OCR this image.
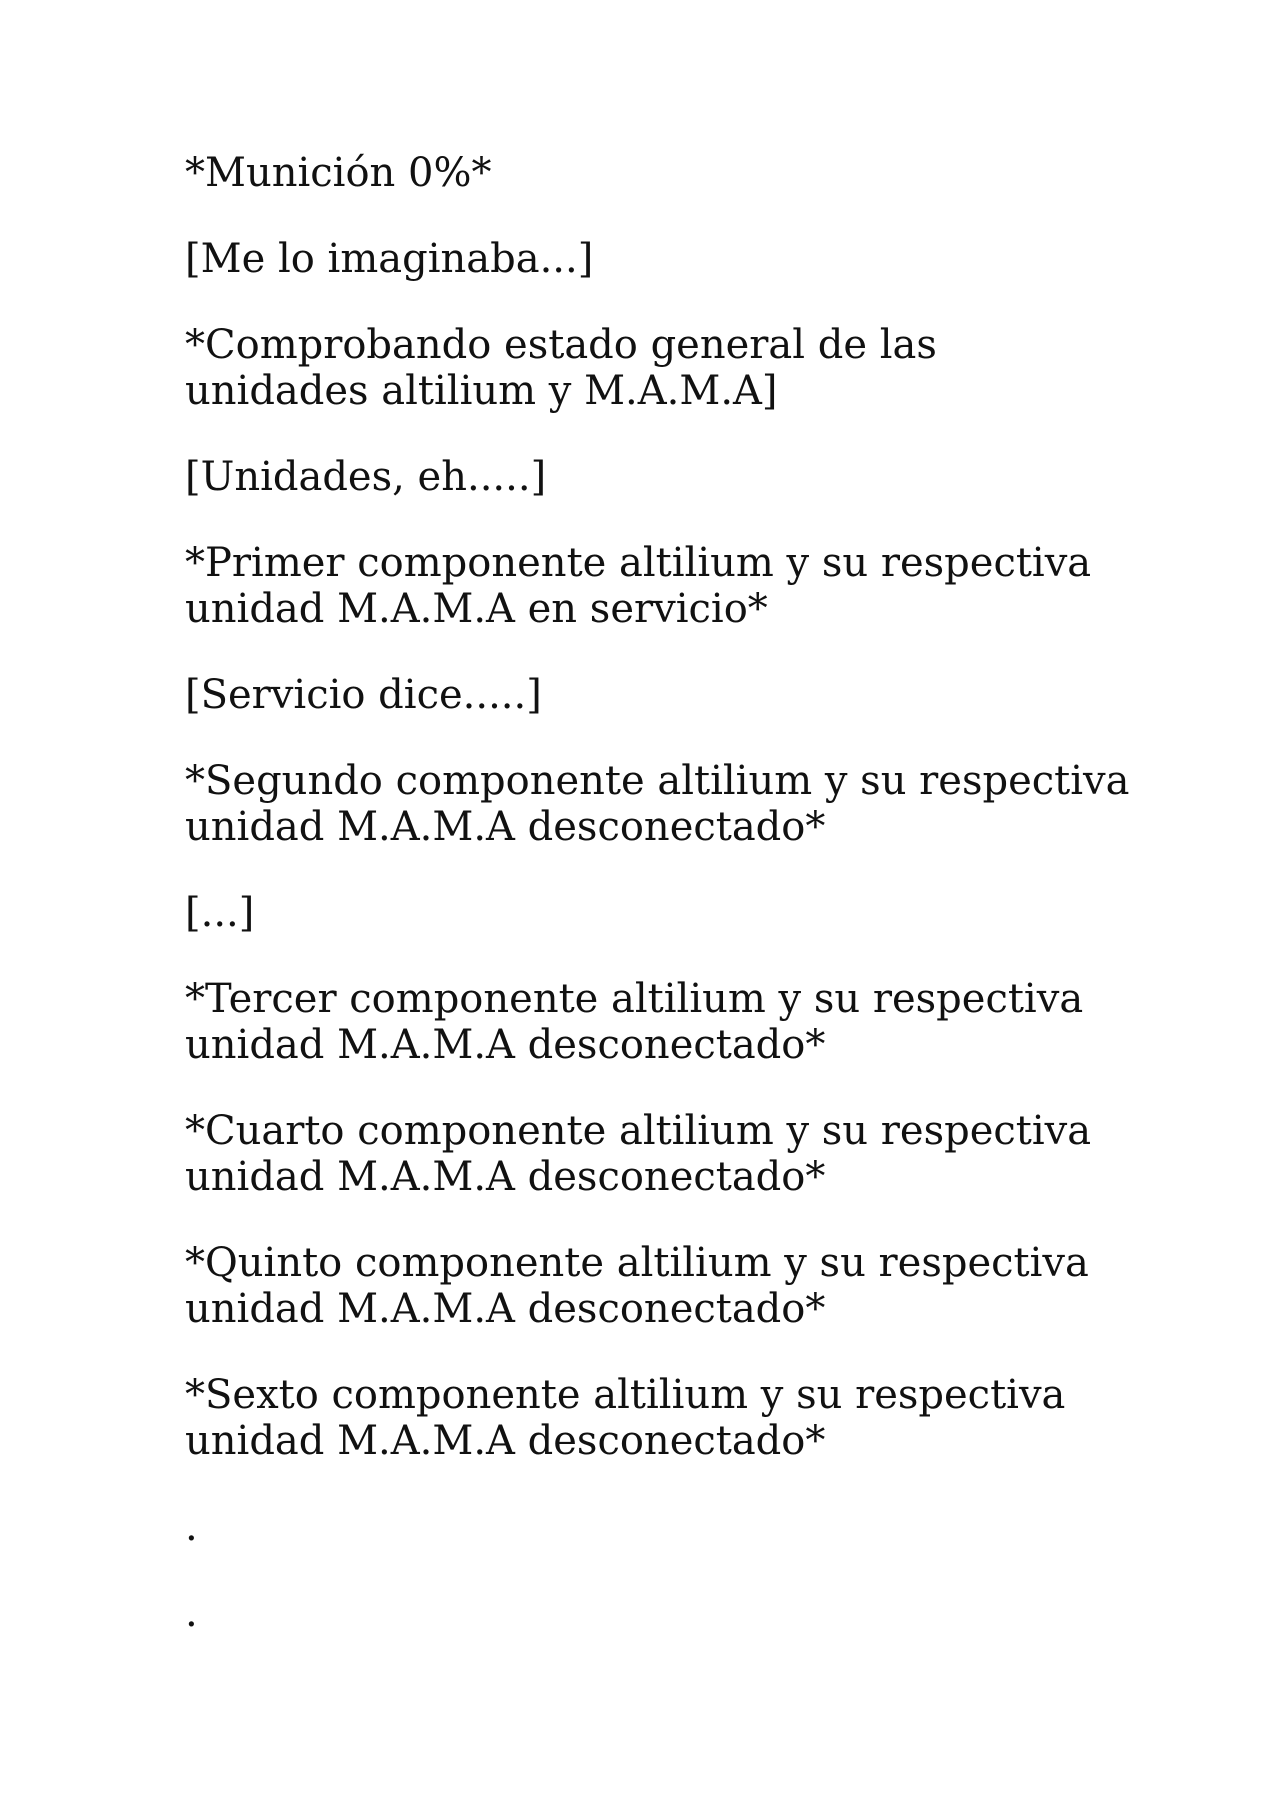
*Munición 0%*

[Me lo imaginaba...]

*Comprobando estado general de las
unidades altilium y M.A.M.A]

[Unidades, eh.....]

*Primer componente altilium y su respectiva
unidad M.A.M.A en servicio*

[Servicio dice.....]

*Segundo componente altilium y su respectiva
unidad M.A.M.A desconectado*

[...]

*Tercer componente altilium y su respectiva
unidad M.A.M.A desconectado*

*Cuarto componente altilium y su respectiva
unidad M.A.M.A desconectado*

*Quinto componente altilium y su respectiva
unidad M.A.M.A desconectado*

*Sexto componente altilium y su respectiva
unidad M.A.M.A desconectado*

.

.
